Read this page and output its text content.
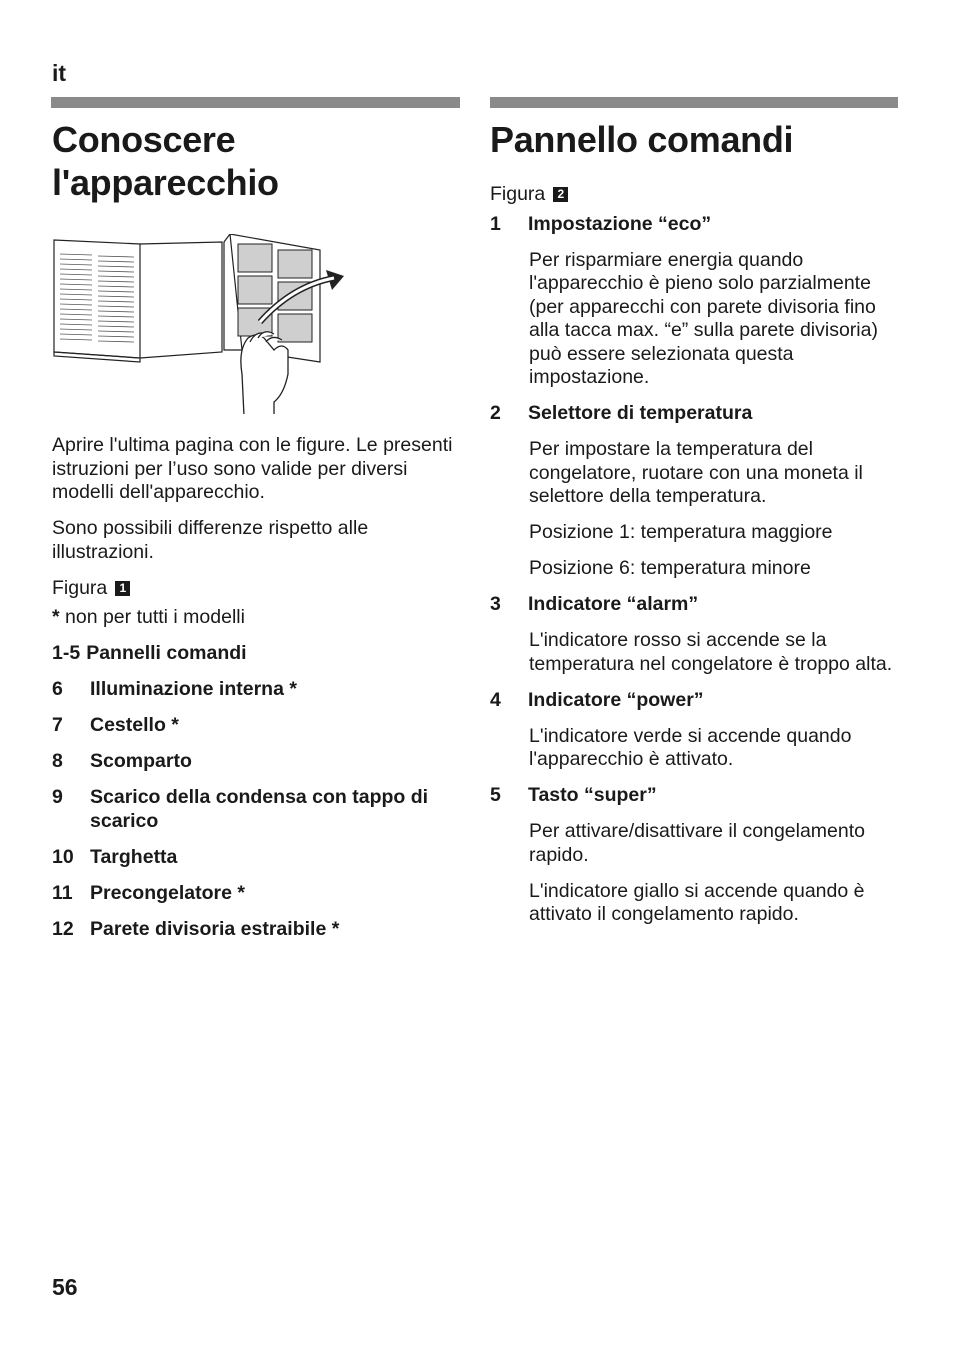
it
Conoscere
l'apparecchio

Aprire l'ultima pagina con le figure. Le presenti istruzioni per l’uso sono valide per diversi modelli dell'apparecchio.

Sono possibili differenze rispetto alle illustrazioni.

Figura	1

* non per tutti i modelli

1-5 Pannelli comandi
6	Illuminazione interna *
7	Cestello *
8	Scomparto
9	Scarico della condensa con tappo di scarico
10 Targhetta
11 Precongelatore *
12 Parete divisoria estraibile *
Pannello comandi

Figura	2

1	Impostazione “eco”

Per risparmiare energia quando l'apparecchio è pieno solo parzialmente (per apparecchi con parete divisoria fino alla tacca max. “e” sulla parete divisoria) può essere selezionata questa impostazione.

2	Selettore di temperatura

Per impostare la temperatura del congelatore, ruotare con una moneta il selettore della temperatura.

Posizione 1: temperatura maggiore

Posizione 6: temperatura minore

3	Indicatore “alarm”

L'indicatore rosso si accende se la temperatura nel congelatore è troppo alta.

4	Indicatore “power”

L'indicatore verde si accende quando l'apparecchio è attivato.

5	Tasto “super”

Per attivare/disattivare il congelamento rapido.

L'indicatore giallo si accende quando è attivato il congelamento rapido.

56
